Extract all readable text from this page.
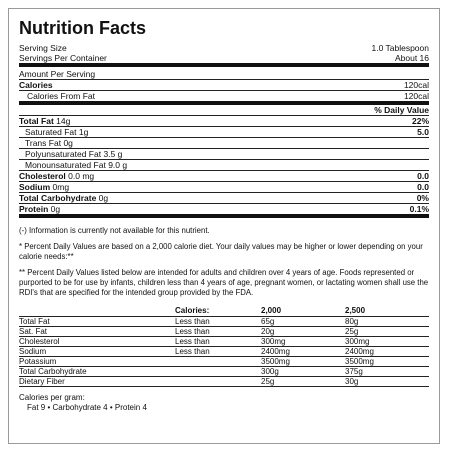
Nutrition Facts
Serving Size	1.0 Tablespoon
Servings Per Container	About 16
Amount Per Serving
Calories	120cal
Calories From Fat	120cal
% Daily Value
Total Fat 14g	22%
Saturated Fat 1g	5.0
Trans Fat 0g
Polyunsaturated Fat 3.5 g
Monounsaturated Fat 9.0 g
Cholesterol 0.0 mg	0.0
Sodium 0mg	0.0
Total Carbohydrate 0g	0%
Protein 0g	0.1%

(-) Information is currently not available for this nutrient.

* Percent Daily Values are based on a 2,000 calorie diet. Your daily values may be higher or lower depending on your calorie needs:**

** Percent Daily Values listed below are intended for adults and children over 4 years of age. Foods represented or purported to be for use by infants, children less than 4 years of age, pregnant women, or lactating women shall use the RDI's that are specified for the intended group provided by the FDA.

	Calories:	2,000	2,500
Total Fat	Less than	65g	80g
Sat. Fat	Less than	20g	25g
Cholesterol	Less than	300mg	300mg
Sodium	Less than	2400mg	2400mg
Potassium		3500mg	3500mg
Total Carbohydrate		300g	375g
Dietary Fiber		25g	30g
Calories per gram:
Fat 9 • Carbohydrate 4 • Protein 4
